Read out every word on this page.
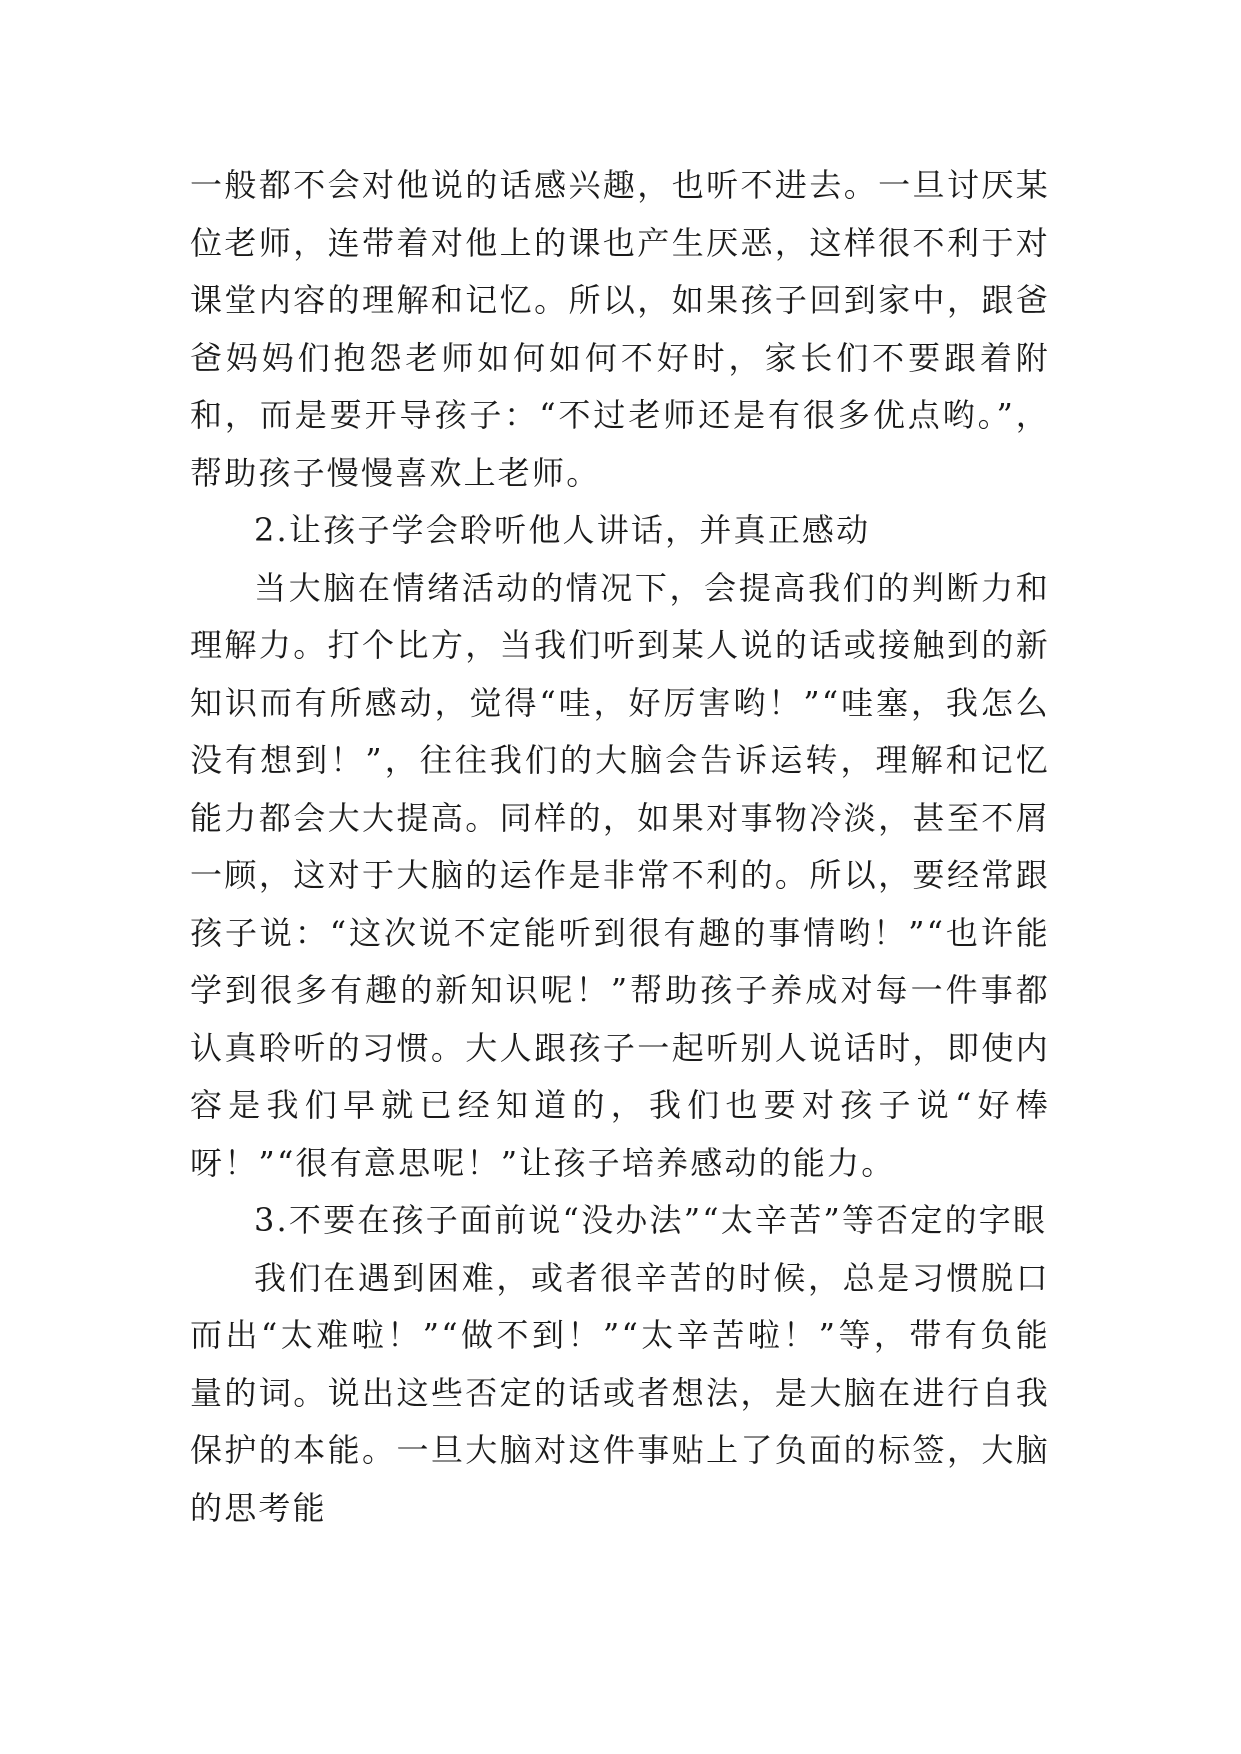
一般都不会对他说的话感兴趣，也听不进去。一旦讨厌某位老师，连带着对他上的课也产生厌恶，这样很不利于对课堂内容的理解和记忆。所以，如果孩子回到家中，跟爸爸妈妈们抱怨老师如何如何不好时，家长们不要跟着附和，而是要开导孩子：“不过老师还是有很多优点哟。”，帮助孩子慢慢喜欢上老师。

2.让孩子学会聆听他人讲话，并真正感动

当大脑在情绪活动的情况下，会提高我们的判断力和理解力。打个比方，当我们听到某人说的话或接触到的新知识而有所感动，觉得“哇，好厉害哟！”“哇塞，我怎么没有想到！”，往往我们的大脑会告诉运转，理解和记忆能力都会大大提高。同样的，如果对事物冷淡，甚至不屑一顾，这对于大脑的运作是非常不利的。所以，要经常跟孩子说：“这次说不定能听到很有趣的事情哟！”“也许能学到很多有趣的新知识呢！”帮助孩子养成对每一件事都认真聆听的习惯。大人跟孩子一起听别人说话时，即使内容是我们早就已经知道的，我们也要对孩子说“好棒呀！”“很有意思呢！”让孩子培养感动的能力。

3.不要在孩子面前说“没办法”“太辛苦”等否定的字眼

我们在遇到困难，或者很辛苦的时候，总是习惯脱口而出“太难啦！”“做不到！”“太辛苦啦！”等，带有负能量的词。说出这些否定的话或者想法，是大脑在进行自我保护的本能。一旦大脑对这件事贴上了负面的标签，大脑的思考能
